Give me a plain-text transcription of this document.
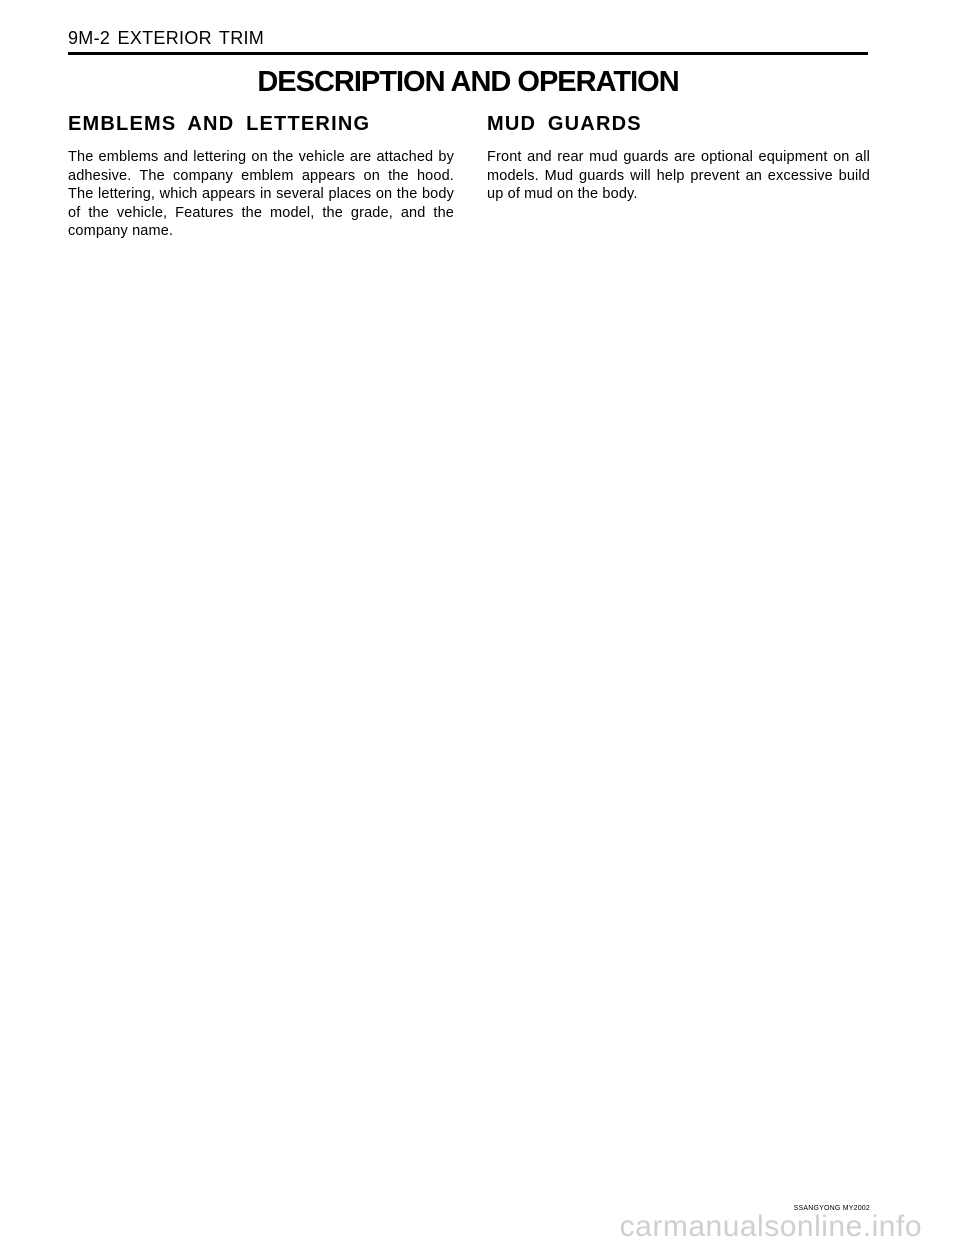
9M-2 EXTERIOR TRIM
DESCRIPTION AND OPERATION
EMBLEMS AND LETTERING

The emblems and lettering on the vehicle are attached by adhesive. The company emblem appears on the hood. The lettering, which appears in several places on the body of the vehicle, Features the model, the grade, and the company name.

MUD GUARDS

Front and rear mud guards are optional equipment on all models. Mud guards will help prevent an excessive build up of mud on the body.

SSANGYONG MY2002
carmanualsonline.info
